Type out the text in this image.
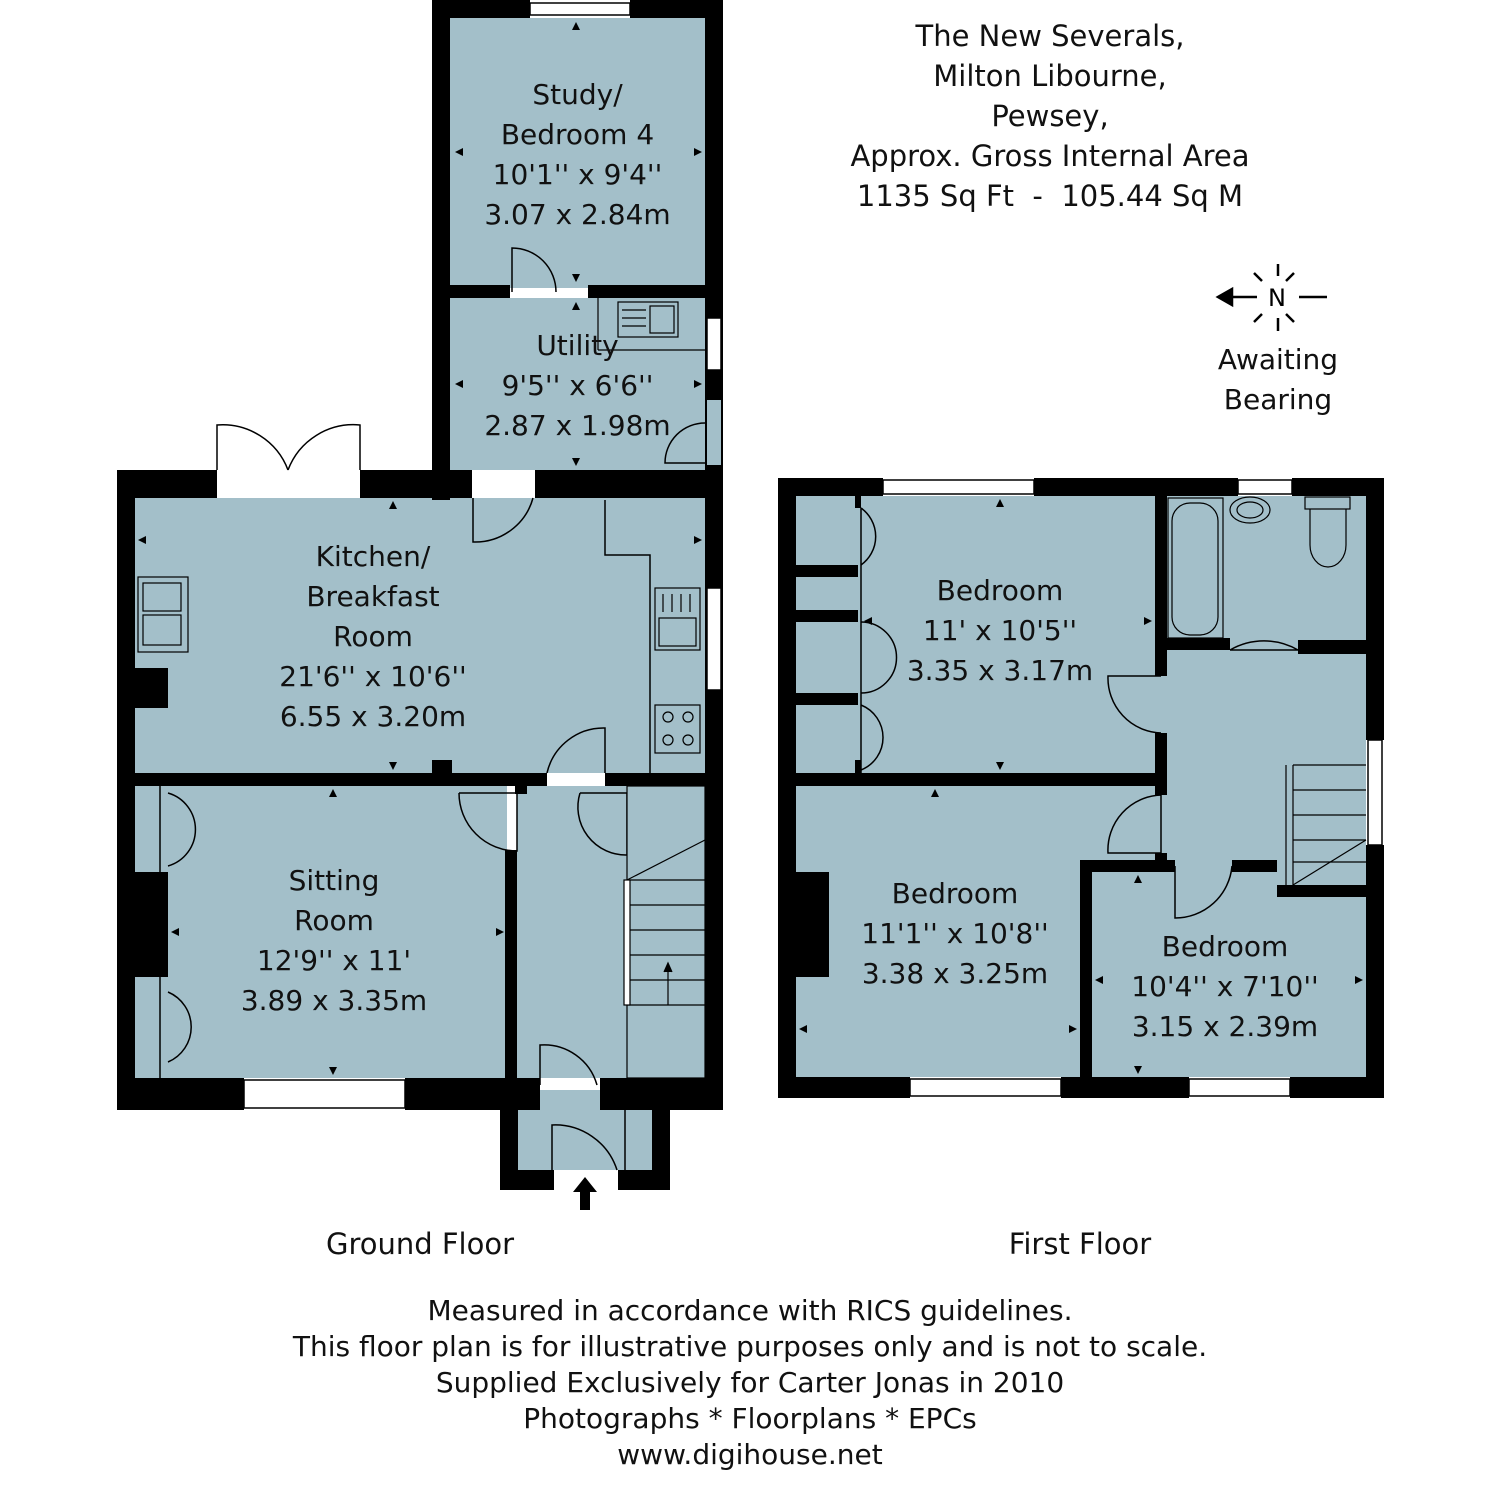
N
The New Severals,
Milton Libourne,
Pewsey,
Approx. Gross Internal Area
1135 Sq Ft  -  105.44 Sq M
Awaiting
Bearing
Study/
Bedroom 4
10'1'' x 9'4''
3.07 x 2.84m
Utility
9'5'' x 6'6''
2.87 x 1.98m
Kitchen/
Breakfast
Room
21'6'' x 10'6''
6.55 x 3.20m
Sitting
Room
12'9'' x 11'
3.89 x 3.35m
Bedroom
11' x 10'5''
3.35 x 3.17m
Bedroom
11'1'' x 10'8''
3.38 x 3.25m
Bedroom
10'4'' x 7'10''
3.15 x 2.39m
Ground Floor	First Floor
Measured in accordance with RICS guidelines.
This floor plan is for illustrative purposes only and is not to scale.
Supplied Exclusively for Carter Jonas in 2010
Photographs * Floorplans * EPCs
www.digihouse.net
